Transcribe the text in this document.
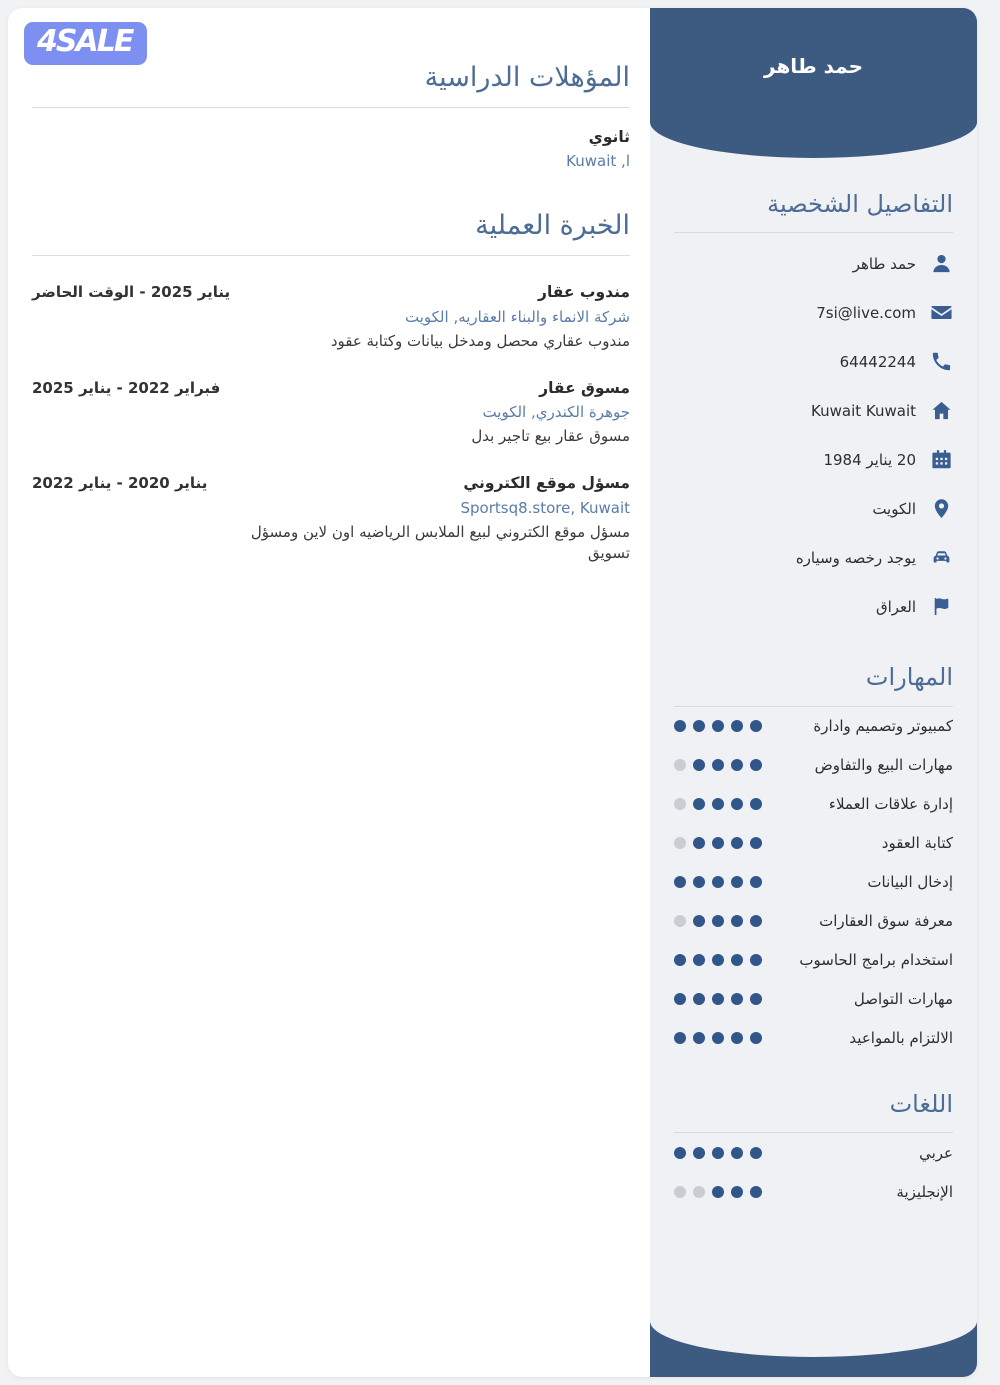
4SALE
المؤهلات الدراسية
ثانوي
ا, Kuwait
الخبرة العملية
مندوب عقار
شركة الانماء والبناء العقاريه, الكويت
مندوب عقاري محصل ومدخل بيانات وكتابة عقود
يناير 2025 - الوقت الحاضر
مسوق عقار
جوهرة الكندري, الكويت
مسوق عقار بيع تاجير بدل
فبراير 2022 - يناير 2025
مسؤل موقع الكتروني
Sportsq8.store, Kuwait
مسؤل موقع الكتروني لبيع الملابس الرياضيه اون لاين ومسؤل تسويق
يناير 2020 - يناير 2022
حمد طاهر
التفاصيل الشخصية
حمد طاهر
7si@live.com
64442244
Kuwait Kuwait
20 يناير 1984
الكويت
يوجد رخصه وسياره
العراق
المهارات
كمبيوتر وتصميم وادارة
مهارات البيع والتفاوض
إدارة علاقات العملاء
كتابة العقود
إدخال البيانات
معرفة سوق العقارات
استخدام برامج الحاسوب
مهارات التواصل
الالتزام بالمواعيد
اللغات
عربي
الإنجليزية
